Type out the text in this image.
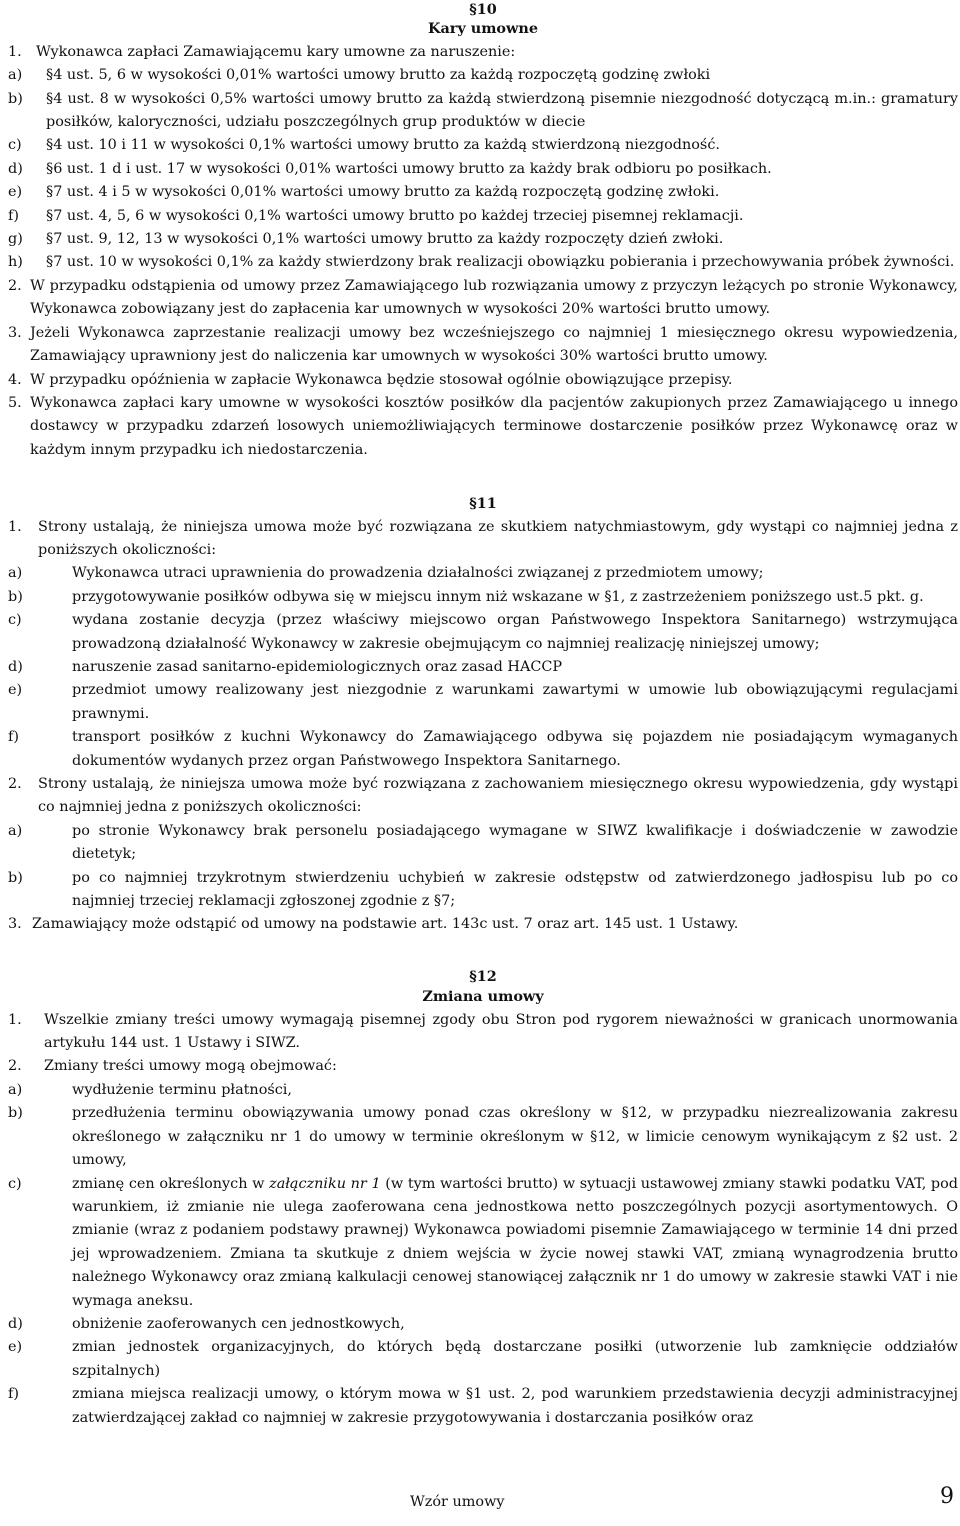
§10
Kary umowne
1. Wykonawca zapłaci Zamawiającemu kary umowne za naruszenie:
a)	§4 ust. 5, 6 w wysokości 0,01% wartości umowy brutto za każdą rozpoczętą godzinę zwłoki
b)	§4 ust. 8 w wysokości 0,5% wartości umowy brutto za każdą stwierdzoną pisemnie niezgodność dotyczącą m.in.: gramatury posiłków, kaloryczności, udziału poszczególnych grup produktów w diecie
c)	§4 ust. 10 i 11 w wysokości 0,1% wartości umowy brutto za każdą stwierdzoną niezgodność.
d)	§6 ust. 1 d i ust. 17 w wysokości 0,01% wartości umowy brutto za każdy brak odbioru po posiłkach.
e)	§7 ust. 4 i 5 w wysokości 0,01% wartości umowy brutto za każdą rozpoczętą godzinę zwłoki.
f)	§7 ust. 4, 5, 6 w wysokości 0,1% wartości umowy brutto po każdej trzeciej pisemnej reklamacji.
g)	§7 ust. 9, 12, 13 w wysokości 0,1% wartości umowy brutto za każdy rozpoczęty dzień zwłoki.
h)	§7 ust. 10 w wysokości 0,1% za każdy stwierdzony brak realizacji obowiązku pobierania i przechowywania próbek żywności.
2. W przypadku odstąpienia od umowy przez Zamawiającego lub rozwiązania umowy z przyczyn leżących po stronie Wykonawcy, Wykonawca zobowiązany jest do zapłacenia kar umownych w wysokości 20% wartości brutto umowy.
3. Jeżeli Wykonawca zaprzestanie realizacji umowy bez wcześniejszego co najmniej 1 miesięcznego okresu wypowiedzenia, Zamawiający uprawniony jest do naliczenia kar umownych w wysokości 30% wartości brutto umowy.
4. W przypadku opóźnienia w zapłacie Wykonawca będzie stosował ogólnie obowiązujące przepisy.
5. Wykonawca zapłaci kary umowne w wysokości kosztów posiłków dla pacjentów zakupionych przez Zamawiającego u innego dostawcy w przypadku zdarzeń losowych uniemożliwiających terminowe dostarczenie posiłków przez Wykonawcę oraz w każdym innym przypadku ich niedostarczenia.
§11
1.	Strony ustalają, że niniejsza umowa może być rozwiązana ze skutkiem natychmiastowym, gdy wystąpi co najmniej jedna z poniższych okoliczności:
a)	Wykonawca utraci uprawnienia do prowadzenia działalności związanej z przedmiotem umowy;
b)	przygotowywanie posiłków odbywa się w miejscu innym niż wskazane w §1, z zastrzeżeniem poniższego ust.5 pkt. g.
c)	wydana zostanie decyzja (przez właściwy miejscowo organ Państwowego Inspektora Sanitarnego) wstrzymująca prowadzoną działalność Wykonawcy w zakresie obejmującym co najmniej realizację niniejszej umowy;
d)	naruszenie zasad sanitarno-epidemiologicznych oraz zasad HACCP
e)	przedmiot umowy realizowany jest niezgodnie z warunkami zawartymi w umowie lub obowiązującymi regulacjami prawnymi.
f)	transport posiłków z kuchni Wykonawcy do Zamawiającego odbywa się pojazdem nie posiadającym wymaganych dokumentów wydanych przez organ Państwowego Inspektora Sanitarnego.
2.	Strony ustalają, że niniejsza umowa może być rozwiązana z zachowaniem miesięcznego okresu wypowiedzenia, gdy wystąpi co najmniej jedna z poniższych okoliczności:
a)	po stronie Wykonawcy brak personelu posiadającego wymagane w SIWZ kwalifikacje i doświadczenie w zawodzie dietetyk;
b)	po co najmniej trzykrotnym stwierdzeniu uchybień w zakresie odstępstw od zatwierdzonego jadłospisu lub po co najmniej trzeciej reklamacji zgłoszonej zgodnie z §7;
3. Zamawiający może odstąpić od umowy na podstawie art. 143c ust. 7 oraz art. 145 ust. 1 Ustawy.
§12
Zmiana umowy
1.	Wszelkie zmiany treści umowy wymagają pisemnej zgody obu Stron pod rygorem nieważności w granicach unormowania artykułu 144 ust. 1 Ustawy i SIWZ.
2.	Zmiany treści umowy mogą obejmować:
a)	wydłużenie terminu płatności,
b)	przedłużenia terminu obowiązywania umowy ponad czas określony w §12, w przypadku niezrealizowania zakresu określonego w załączniku nr 1 do umowy w terminie określonym w §12, w limicie cenowym wynikającym z §2 ust. 2 umowy,
c)	zmianę cen określonych w załączniku nr 1 (w tym wartości brutto) w sytuacji ustawowej zmiany stawki podatku VAT, pod warunkiem, iż zmianie nie ulega zaoferowana cena jednostkowa netto poszczególnych pozycji asortymentowych. O zmianie (wraz z podaniem podstawy prawnej) Wykonawca powiadomi pisemnie Zamawiającego w terminie 14 dni przed jej wprowadzeniem. Zmiana ta skutkuje z dniem wejścia w życie nowej stawki VAT, zmianą wynagrodzenia brutto należnego Wykonawcy oraz zmianą kalkulacji cenowej stanowiącej załącznik nr 1 do umowy w zakresie stawki VAT i nie wymaga aneksu.
d)	obniżenie zaoferowanych cen jednostkowych,
e)	zmian jednostek organizacyjnych, do których będą dostarczane posiłki (utworzenie lub zamknięcie oddziałów szpitalnych)
f)	zmiana miejsca realizacji umowy, o którym mowa w §1 ust. 2, pod warunkiem przedstawienia decyzji administracyjnej zatwierdzającej zakład co najmniej w zakresie przygotowywania i dostarczania posiłków oraz
Wzór umowy	9
